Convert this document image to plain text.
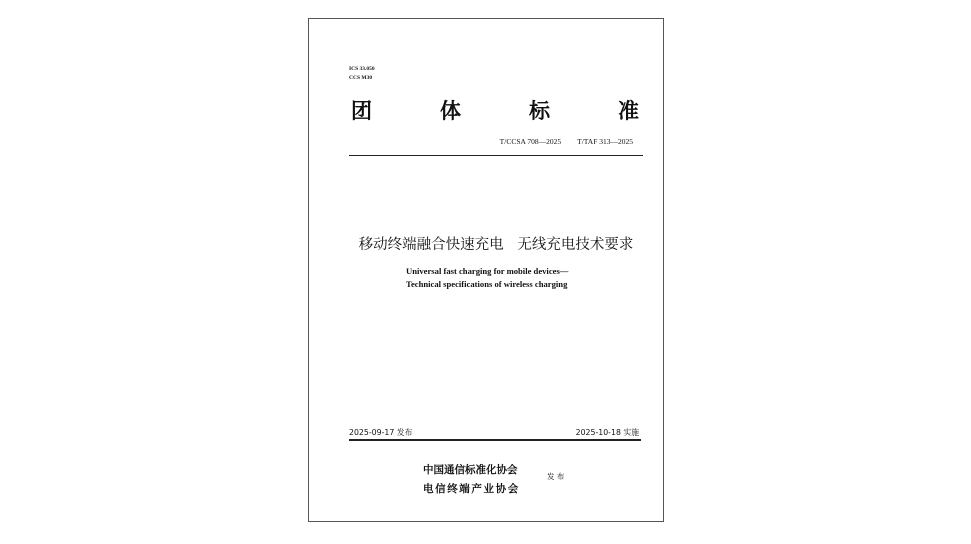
ICS 33.050
CCS M30
团	体	标	准
T/CCSA 708—2025 T/TAF 313—2025
移动终端融合快速充电   无线充电技术要求
Universal fast charging for mobile devices—
Technical specifications of wireless charging
2025-09-17 发布	2025-10-18 实施
中国通信标准化协会
电信终端产业协会
发 布
